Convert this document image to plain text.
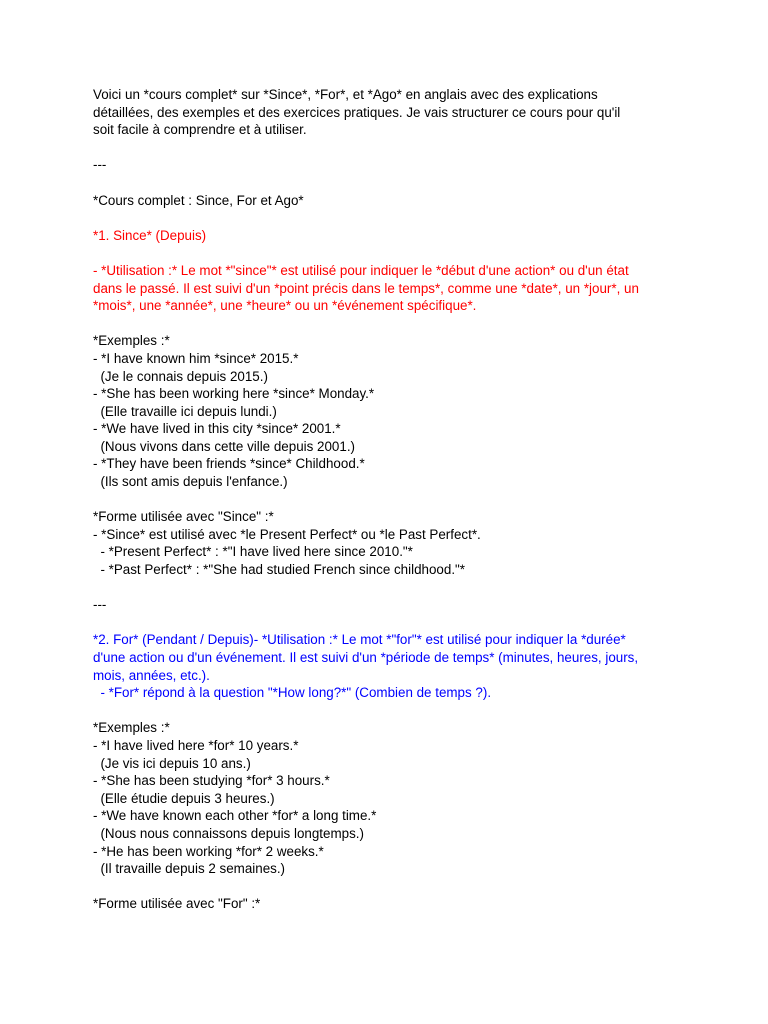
Voici un *cours complet* sur *Since*, *For*, et *Ago* en anglais avec des explications
détaillées, des exemples et des exercices pratiques. Je vais structurer ce cours pour qu'il
soit facile à comprendre et à utiliser.
---
*Cours complet : Since, For et Ago*
*1. Since* (Depuis)
- *Utilisation :* Le mot *"since"* est utilisé pour indiquer le *début d'une action* ou d'un état
dans le passé. Il est suivi d'un *point précis dans le temps*, comme une *date*, un *jour*, un
*mois*, une *année*, une *heure* ou un *événement spécifique*.
*Exemples :*
- *I have known him *since* 2015.*
(Je le connais depuis 2015.)
- *She has been working here *since* Monday.*
(Elle travaille ici depuis lundi.)
- *We have lived in this city *since* 2001.*
(Nous vivons dans cette ville depuis 2001.)
- *They have been friends *since* Childhood.*
(Ils sont amis depuis l'enfance.)
*Forme utilisée avec "Since" :*
- *Since* est utilisé avec *le Present Perfect* ou *le Past Perfect*.
- *Present Perfect* : *"I have lived here since 2010."*
- *Past Perfect* : *"She had studied French since childhood."*
---
*2. For* (Pendant / Depuis)- *Utilisation :* Le mot *"for"* est utilisé pour indiquer la *durée*
d'une action ou d'un événement. Il est suivi d'un *période de temps* (minutes, heures, jours,
mois, années, etc.).
- *For* répond à la question "*How long?*" (Combien de temps ?).
*Exemples :*
- *I have lived here *for* 10 years.*
(Je vis ici depuis 10 ans.)
- *She has been studying *for* 3 hours.*
(Elle étudie depuis 3 heures.)
- *We have known each other *for* a long time.*
(Nous nous connaissons depuis longtemps.)
- *He has been working *for* 2 weeks.*
(Il travaille depuis 2 semaines.)
*Forme utilisée avec "For" :*
